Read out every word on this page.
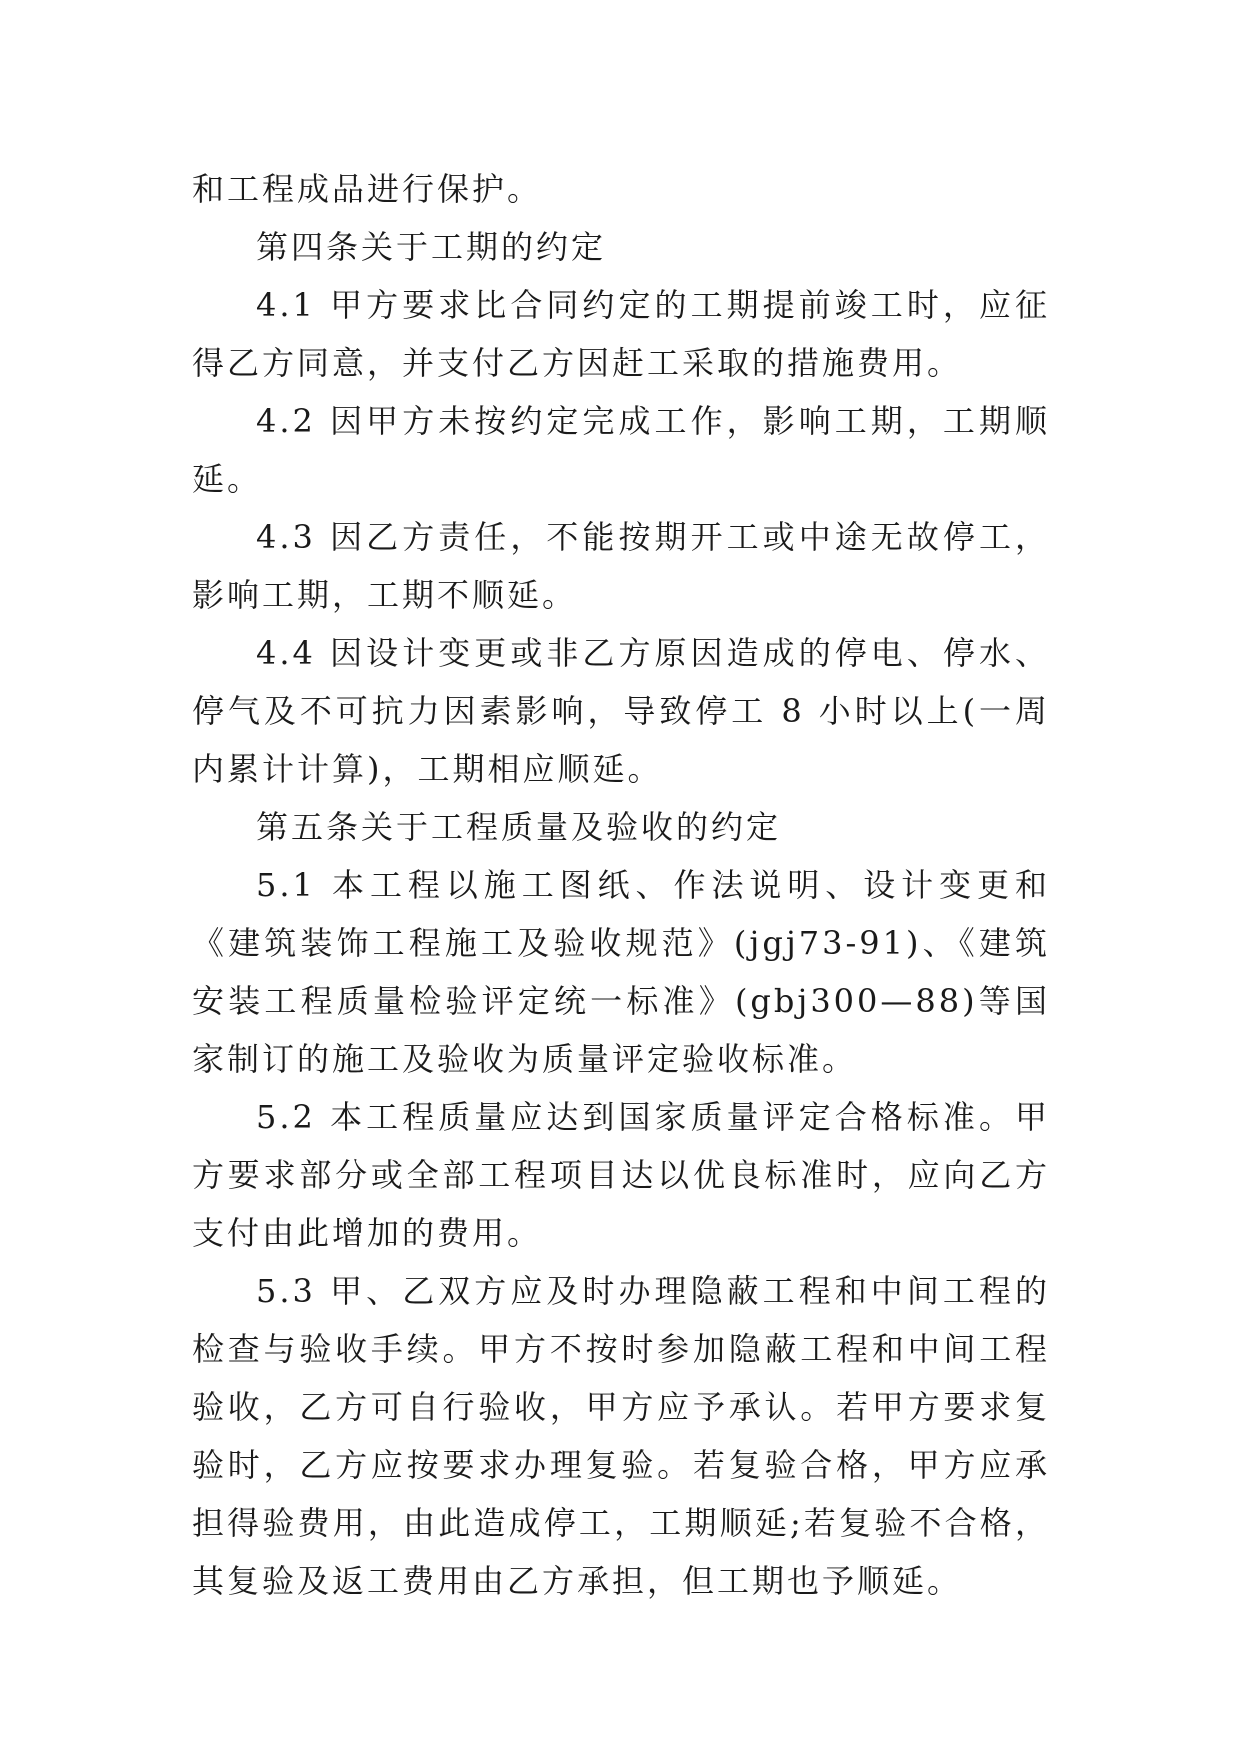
和工程成品进行保护。

第四条关于工期的约定

4.1 甲方要求比合同约定的工期提前竣工时，应征得乙方同意，并支付乙方因赶工采取的措施费用。

4.2 因甲方未按约定完成工作，影响工期，工期顺延。

4.3 因乙方责任，不能按期开工或中途无故停工，影响工期，工期不顺延。

4.4 因设计变更或非乙方原因造成的停电、停水、停气及不可抗力因素影响，导致停工 8 小时以上(一周内累计计算)，工期相应顺延。

第五条关于工程质量及验收的约定

5.1 本工程以施工图纸、作法说明、设计变更和《建筑装饰工程施工及验收规范》(jgj73-91)、《建筑安装工程质量检验评定统一标准》(gbj300—88)等国家制订的施工及验收为质量评定验收标准。

5.2 本工程质量应达到国家质量评定合格标准。甲方要求部分或全部工程项目达以优良标准时，应向乙方支付由此增加的费用。

5.3 甲、乙双方应及时办理隐蔽工程和中间工程的检查与验收手续。甲方不按时参加隐蔽工程和中间工程验收，乙方可自行验收，甲方应予承认。若甲方要求复验时，乙方应按要求办理复验。若复验合格，甲方应承担得验费用，由此造成停工，工期顺延;若复验不合格，其复验及返工费用由乙方承担，但工期也予顺延。
